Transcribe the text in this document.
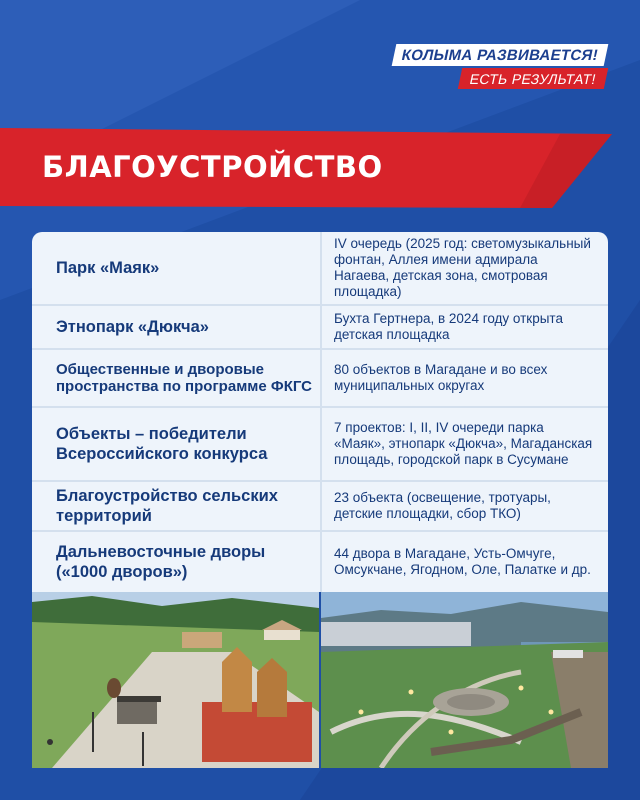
КОЛЫМА РАЗВИВАЕТСЯ!
ЕСТЬ РЕЗУЛЬТАТ!
БЛАГОУСТРОЙСТВО
Парк «Маяк»
IV очередь (2025 год: светомузыкальный фонтан, Аллея имени адмирала Нагаева, детская зона, смотровая площадка)
Этнопарк «Дюкча»	Бухта Гертнера, в 2024 году открыта детская площадка
Общественные и дворовые пространства по программе ФКГС
80 объектов в Магадане и во всех муниципальных округах
Объекты – победители Всероссийского конкурса
7 проектов: I, II, IV очереди парка «Маяк», этнопарк «Дюкча», Магаданская площадь, городской парк в Сусумане
Благоустройство сельских территорий
23 объекта (освещение, тротуары, детские площадки, сбор ТКО)
Дальневосточные дворы («1000 дворов»)
44 двора в Магадане, Усть-Омчуге, Омсукчане, Ягодном, Оле, Палатке и др.
